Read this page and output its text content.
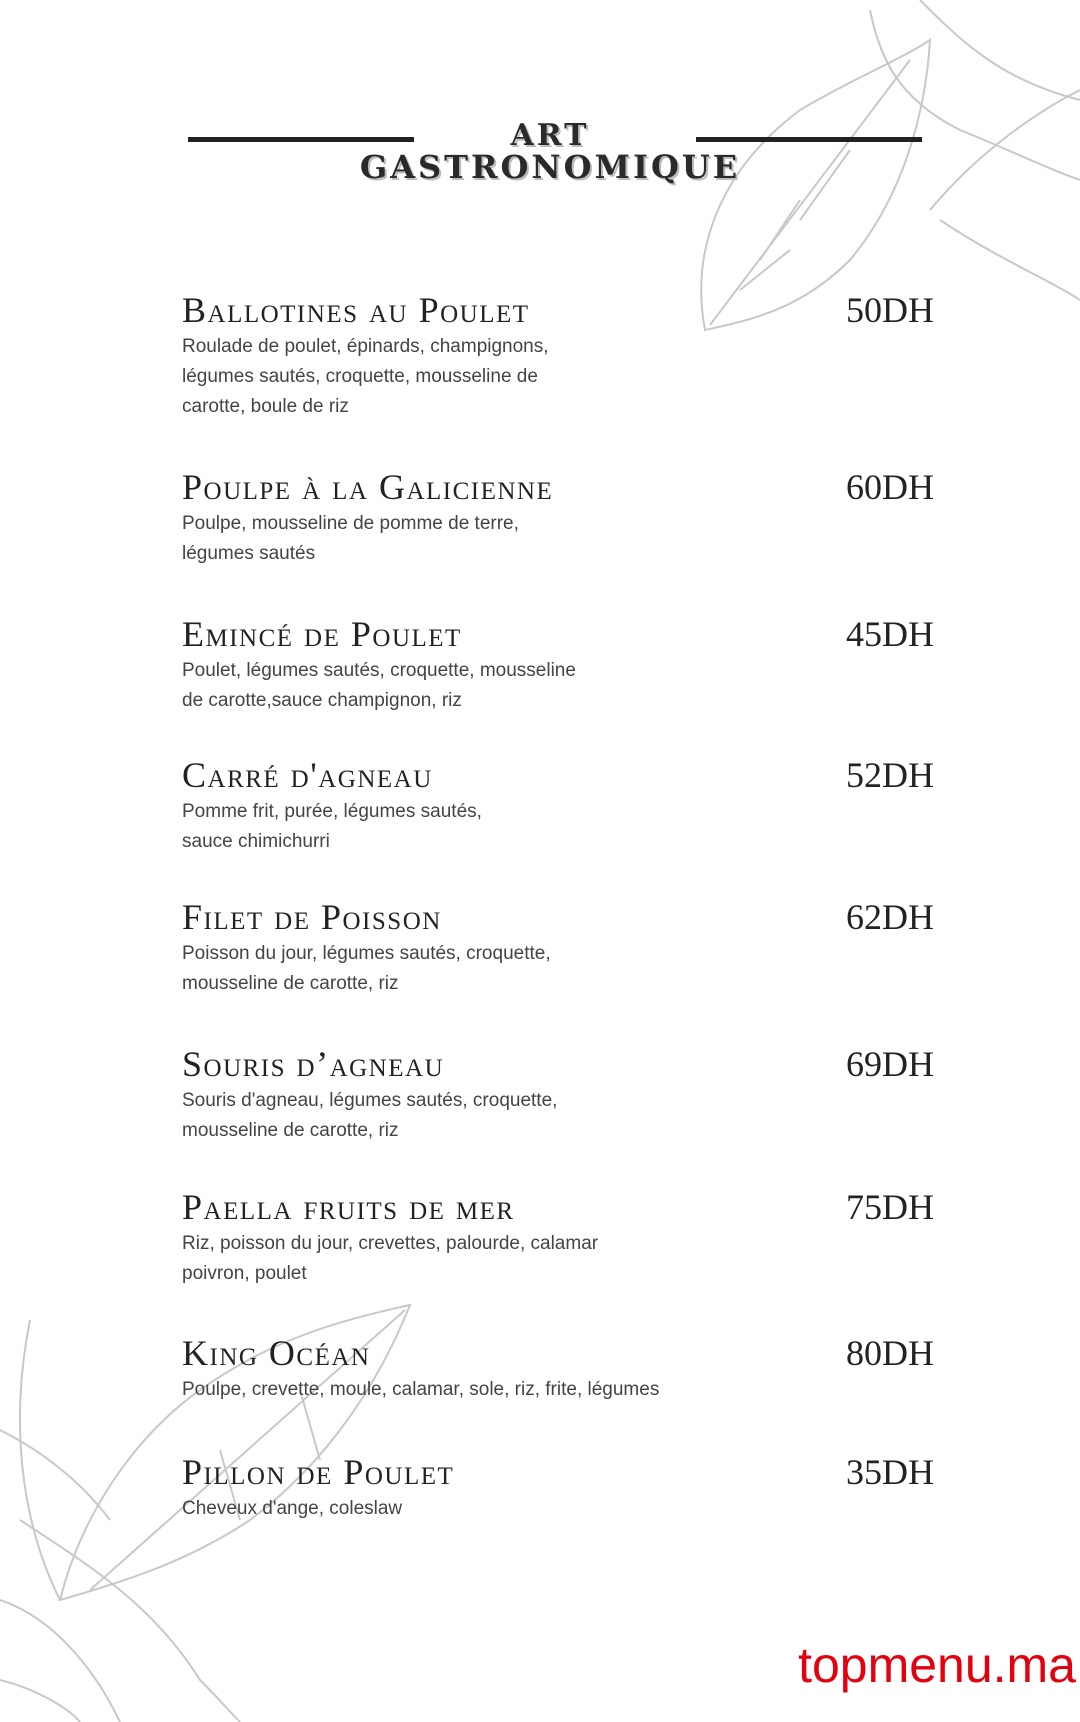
ART
GASTRONOMIQUE
Ballotines au Poulet	50DH
Roulade de poulet, épinards, champignons,
légumes sautés, croquette, mousseline de
carotte, boule de riz
Poulpe à la Galicienne	60DH
Poulpe, mousseline de pomme de terre,
légumes sautés
Emincé de Poulet	45DH
Poulet, légumes sautés, croquette, mousseline
de carotte,sauce champignon, riz
Carré d'agneau	52DH
Pomme frit, purée, légumes sautés,
sauce chimichurri
Filet de Poisson	62DH
Poisson du jour, légumes sautés, croquette,
mousseline de carotte, riz
Souris d’agneau	69DH
Souris d'agneau, légumes sautés, croquette,
mousseline de carotte, riz
Paella fruits de mer	75DH
Riz, poisson du jour, crevettes, palourde, calamar
poivron, poulet
King Océan	80DH
Poulpe, crevette, moule, calamar, sole, riz, frite, légumes
Pillon de Poulet	35DH
Cheveux d'ange, coleslaw
topmenu.ma
